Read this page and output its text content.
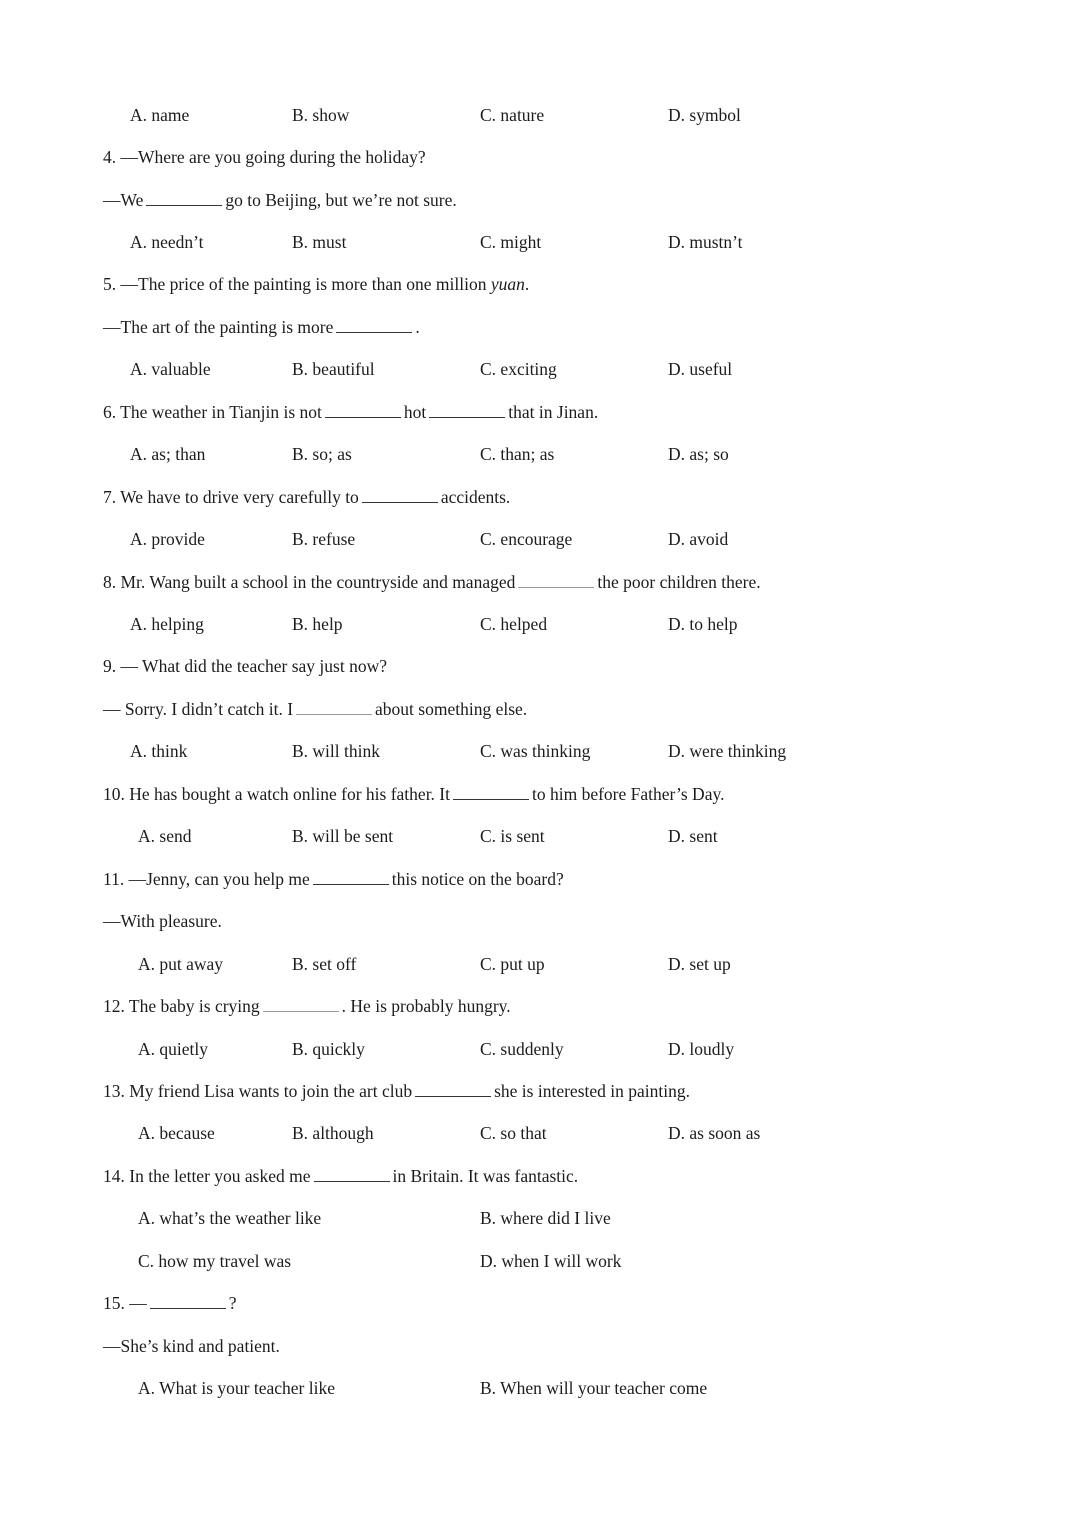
A. name	B. show	C. nature	D. symbol
4. —Where are you going during the holiday?
—We	go to Beijing, but we’re not sure.
A. needn’t	B. must	C. might	D. mustn’t
5. —The price of the painting is more than one million yuan.
—The art of the painting is more	.
A. valuable	B. beautiful	C. exciting	D. useful
6. The weather in Tianjin is not	hot	that in Jinan.
A. as; than	B. so; as	C. than; as	D. as; so
7. We have to drive very carefully to	accidents.
A. provide	B. refuse	C. encourage	D. avoid
8. Mr. Wang built a school in the countryside and managed	the poor children there.
A. helping	B. help	C. helped	D. to help
9. — What did the teacher say just now?
— Sorry. I didn’t catch it. I	about something else.
A. think	B. will think	C. was thinking	D. were thinking
10. He has bought a watch online for his father. It	to him before Father’s Day.
A. send	B. will be sent	C. is sent	D. sent
11. —Jenny, can you help me	this notice on the board?
—With pleasure.
A. put away	B. set off	C. put up	D. set up
12. The baby is crying	. He is probably hungry.
A. quietly	B. quickly	C. suddenly	D. loudly
13. My friend Lisa wants to join the art club	she is interested in painting.
A. because	B. although	C. so that	D. as soon as
14. In the letter you asked me	in Britain. It was fantastic.
A. what’s the weather like	B. where did I live
C. how my travel was	D. when I will work
15. —	?
—She’s kind and patient.
A. What is your teacher like	B. When will your teacher come
